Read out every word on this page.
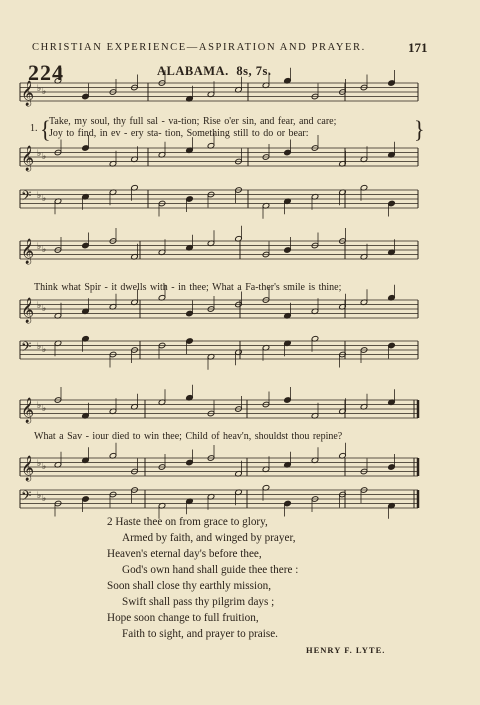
CHRISTIAN EXPERIENCE—ASPIRATION AND PRAYER.	171
224	ALABAMA. 8s, 7s.
𝄞 ♭ ♭
𝄞 ♭ ♭
𝄢 ♭ ♭
𝄞 ♭ ♭
𝄞 ♭ ♭
𝄢 ♭ ♭
𝄞 ♭ ♭
𝄞 ♭ ♭
𝄢 ♭ ♭
1. {	}
Take, my soul, thy full sal - va-tion; Rise o'er sin, and fear, and care;
Joy to find, in ev - ery sta- tion, Something still to do or bear:
Think what Spir - it dwells with - in thee; What a Fa-ther's smile is thine;
What a Sav - iour died to win thee; Child of heav'n, shouldst thou repine?
2 Haste thee on from grace to glory,
Armed by faith, and winged by prayer,
Heaven's eternal day's before thee,
God's own hand shall guide thee there :
Soon shall close thy earthly mission,
Swift shall pass thy pilgrim days ;
Hope soon change to full fruition,
Faith to sight, and prayer to praise.
HENRY F. LYTE.
